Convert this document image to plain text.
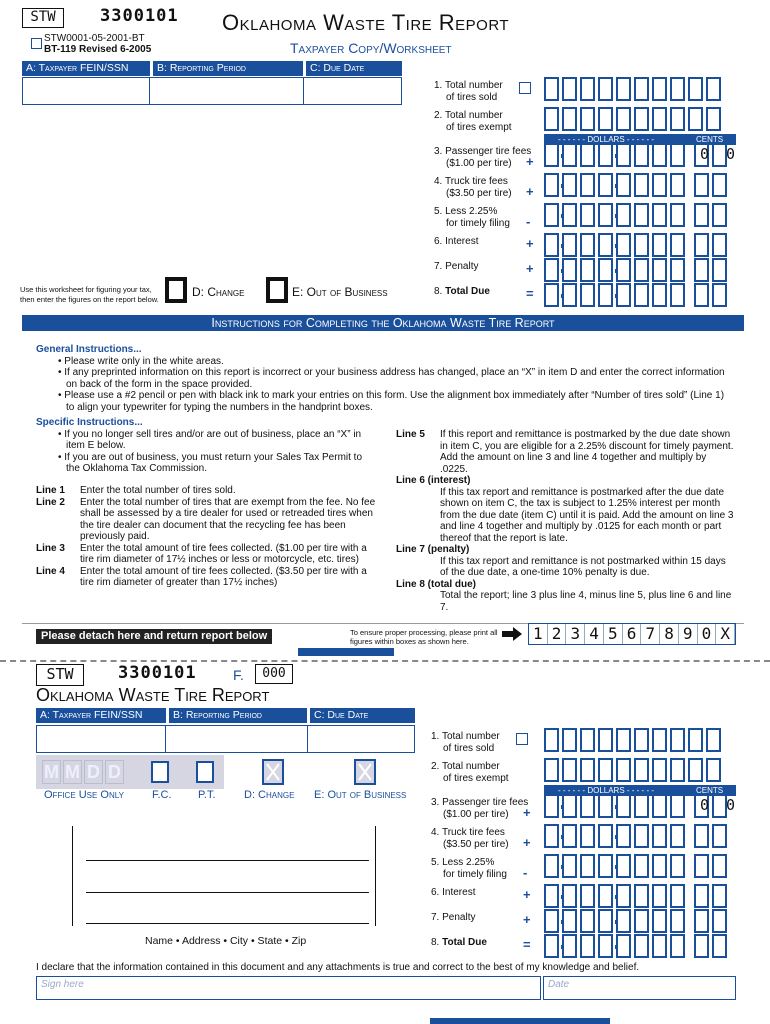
STW	3300101
STW0001-05-2001-BT
BT-119 Revised 6-2005
Oklahoma Waste Tire Report
Taxpayer Copy/Worksheet
A: Taxpayer FEIN/SSN	B: Reporting Period	C: Due Date
Use this worksheet for figuring your tax, then enter the figures on the report below.	D: Change	E: Out of Business
1. Total number
of tires sold
2. Total number
of tires exempt
3. Passenger tire fees
($1.00 per tire)	+	0 0
4. Truck tire fees
($3.50 per tire) +
5. Less 2.25%
for timely filing -
6. Interest	+
7. Penalty	+
8. Total Due	=
- - - - - - DOLLARS - - - - - -	CENTS
Instructions for Completing the Oklahoma Waste Tire Report
General Instructions...
• Please write only in the white areas.
• If any preprinted information on this report is incorrect or your business address has changed, place an “X” in item D and enter the correct information on back of the form in the space provided.
• Please use a #2 pencil or pen with black ink to mark your entries on this form. Use the alignment box immediately after “Number of tires sold” (Line 1) to align your typewriter for typing the numbers in the handprint boxes.
Specific Instructions...
• If you no longer sell tires and/or are out of business, place an “X” in item E below.
• If you are out of business, you must return your Sales Tax Permit to the Oklahoma Tax Commission.
Line 1	Enter the total number of tires sold.
Line 2	Enter the total number of tires that are exempt from the fee. No fee shall be assessed by a tire dealer for used or retreaded tires when the tire dealer can document that the recycling fee has been previously paid.
Line 3	Enter the total amount of tire fees collected. ($1.00 per tire with a tire rim diameter of 17½ inches or less or motorcycle, etc. tires)
Line 4	Enter the total amount of tire fees collected. ($3.50 per tire with a tire rim diameter of greater than 17½ inches)
Line 5	If this report and remittance is postmarked by the due date shown in item C, you are eligible for a 2.25% discount for timely payment. Add the amount on line 3 and line 4 together and multiply by .0225.
Line 6 (interest)
If this tax report and remittance is postmarked after the due date shown on item C, the tax is subject to 1.25% interest per month from the due date (item C) until it is paid. Add the amount on line 3 and line 4 together and multiply by .0125 for each month or part thereof that the report is late.
Line 7 (penalty)
If this tax report and remittance is not postmarked within 15 days of the due date, a one-time 10% penalty is due.
Line 8 (total due)
Total the report; line 3 plus line 4, minus line 5, plus line 6 and line 7.
Please detach here and return report below	To ensure proper processing, please print all figures within boxes as shown here.	1 2 3 4 5 6 7 8 9 0 X
STW	3300101	F.	000
Oklahoma Waste Tire Report
A: Taxpayer FEIN/SSN	B: Reporting Period	C: Due Date
M M D D
Office Use Only	F.C. P.T.	D: Change E: Out of Business
Name • Address • City • State • Zip
1. Total number
of tires sold
2. Total number
of tires exempt
3. Passenger tire fees
($1.00 per tire)	+	0 0
4. Truck tire fees
($3.50 per tire) +
5. Less 2.25%
for timely filing -
6. Interest	+
7. Penalty	+
8. Total Due	=
- - - - - - DOLLARS - - - - - -	CENTS
I declare that the information contained in this document and any attachments is true and correct to the best of my knowledge and belief.
Sign here	Date
